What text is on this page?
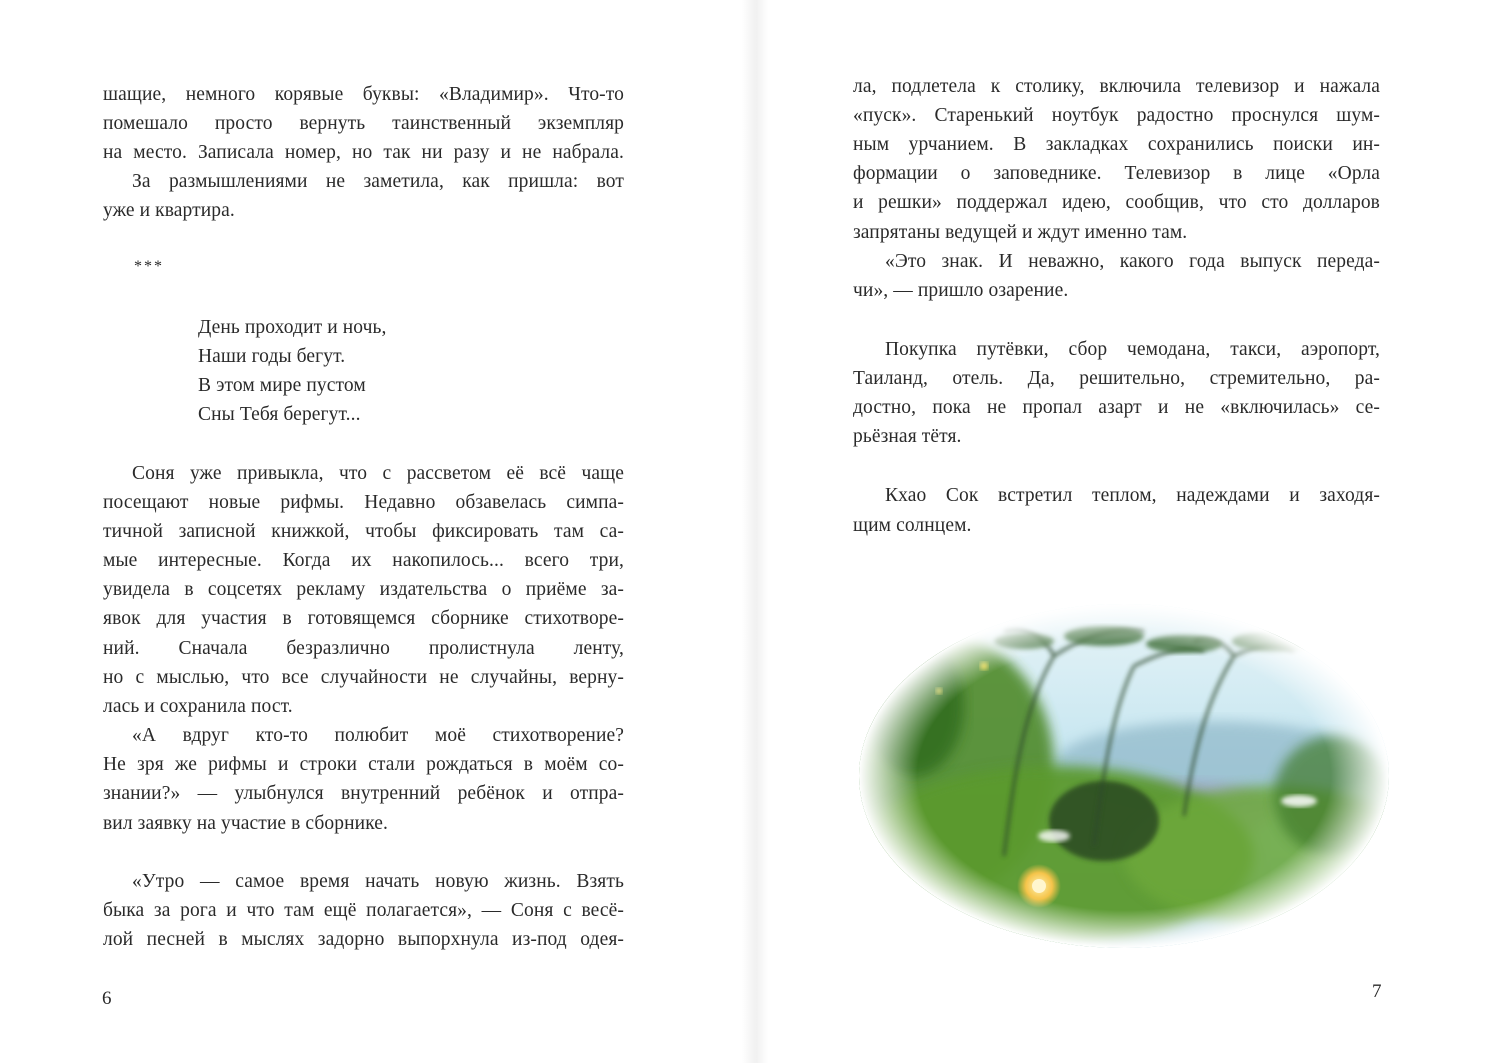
шащие, немного корявые буквы: «Владимир». Что-то
помешало просто вернуть таинственный экземпляр
на место. Записала номер, но так ни разу и не набрала.
За размышлениями не заметила, как пришла: вот
уже и квартира.
***
День проходит и ночь,
Наши годы бегут.
В этом мире пустом
Сны Тебя берегут...
Соня уже привыкла, что с рассветом её всё чаще
посещают новые рифмы. Недавно обзавелась симпа-
тичной записной книжкой, чтобы фиксировать там са-
мые интересные. Когда их накопилось... всего три,
увидела в соцсетях рекламу издательства о приёме за-
явок для участия в готовящемся сборнике стихотворе-
ний. Сначала безразлично пролистнула ленту,
но с мыслью, что все случайности не случайны, верну-
лась и сохранила пост.
«А вдруг кто-то полюбит моё стихотворение?
Не зря же рифмы и строки стали рождаться в моём со-
знании?» — улыбнулся внутренний ребёнок и отпра-
вил заявку на участие в сборнике.
«Утро — самое время начать новую жизнь. Взять
быка за рога и что там ещё полагается», — Соня с весё-
лой песней в мыслях задорно выпорхнула из-под одея-
6
ла, подлетела к столику, включила телевизор и нажала
«пуск». Старенький ноутбук радостно проснулся шум-
ным урчанием. В закладках сохранились поиски ин-
формации о заповеднике. Телевизор в лице «Орла
и решки» поддержал идею, сообщив, что сто долларов
запрятаны ведущей и ждут именно там.
«Это знак. И неважно, какого года выпуск переда-
чи», — пришло озарение.
Покупка путёвки, сбор чемодана, такси, аэропорт,
Таиланд, отель. Да, решительно, стремительно, ра-
достно, пока не пропал азарт и не «включилась» се-
рьёзная тётя.
Кхао Сок встретил теплом, надеждами и заходя-
щим солнцем.
7
